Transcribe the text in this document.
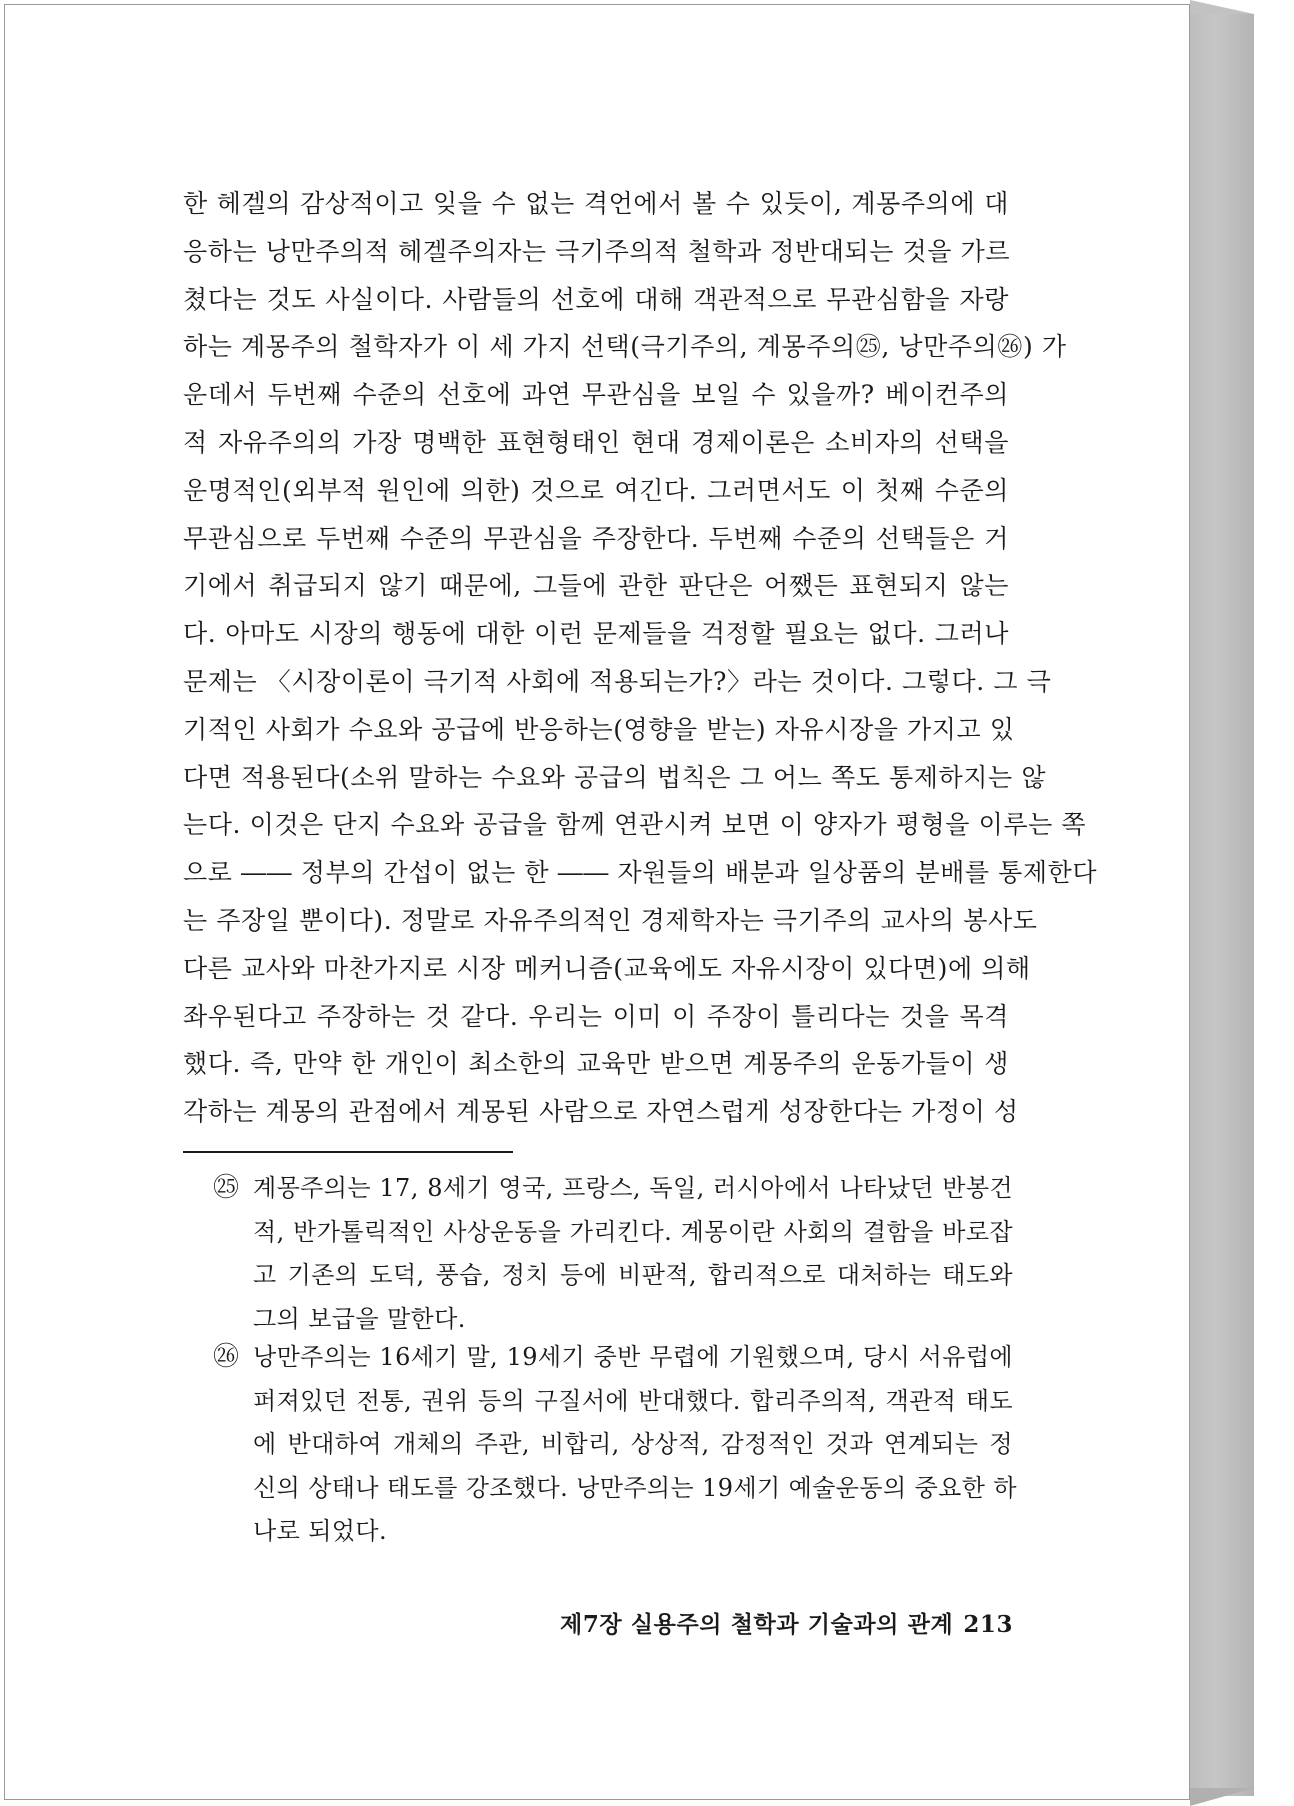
한 헤겔의 감상적이고 잊을 수 없는 격언에서 볼 수 있듯이, 계몽주의에 대
응하는 낭만주의적 헤겔주의자는 극기주의적 철학과 정반대되는 것을 가르
쳤다는 것도 사실이다. 사람들의 선호에 대해 객관적으로 무관심함을 자랑
하는 계몽주의 철학자가 이 세 가지 선택(극기주의, 계몽주의㉕, 낭만주의㉖) 가
운데서 두번째 수준의 선호에 과연 무관심을 보일 수 있을까? 베이컨주의
적 자유주의의 가장 명백한 표현형태인 현대 경제이론은 소비자의 선택을
운명적인(외부적 원인에 의한) 것으로 여긴다. 그러면서도 이 첫째 수준의
무관심으로 두번째 수준의 무관심을 주장한다. 두번째 수준의 선택들은 거
기에서 취급되지 않기 때문에, 그들에 관한 판단은 어쨌든 표현되지 않는
다. 아마도 시장의 행동에 대한 이런 문제들을 걱정할 필요는 없다. 그러나
문제는 〈시장이론이 극기적 사회에 적용되는가?〉라는 것이다. 그렇다. 그 극
기적인 사회가 수요와 공급에 반응하는(영향을 받는) 자유시장을 가지고 있
다면 적용된다(소위 말하는 수요와 공급의 법칙은 그 어느 쪽도 통제하지는 않
는다. 이것은 단지 수요와 공급을 함께 연관시켜 보면 이 양자가 평형을 이루는 쪽
으로 ―― 정부의 간섭이 없는 한 ―― 자원들의 배분과 일상품의 분배를 통제한다
는 주장일 뿐이다). 정말로 자유주의적인 경제학자는 극기주의 교사의 봉사도
다른 교사와 마찬가지로 시장 메커니즘(교육에도 자유시장이 있다면)에 의해
좌우된다고 주장하는 것 같다. 우리는 이미 이 주장이 틀리다는 것을 목격
했다. 즉, 만약 한 개인이 최소한의 교육만 받으면 계몽주의 운동가들이 생
각하는 계몽의 관점에서 계몽된 사람으로 자연스럽게 성장한다는 가정이 성
㉕ 계몽주의는 17, 8세기 영국, 프랑스, 독일, 러시아에서 나타났던 반봉건
적, 반가톨릭적인 사상운동을 가리킨다. 계몽이란 사회의 결함을 바로잡
고 기존의 도덕, 풍습, 정치 등에 비판적, 합리적으로 대처하는 태도와
그의 보급을 말한다.
㉖ 낭만주의는 16세기 말, 19세기 중반 무렵에 기원했으며, 당시 서유럽에
퍼져있던 전통, 권위 등의 구질서에 반대했다. 합리주의적, 객관적 태도
에 반대하여 개체의 주관, 비합리, 상상적, 감정적인 것과 연계되는 정
신의 상태나 태도를 강조했다. 낭만주의는 19세기 예술운동의 중요한 하
나로 되었다.
제7장 실용주의 철학과 기술과의 관계 213
